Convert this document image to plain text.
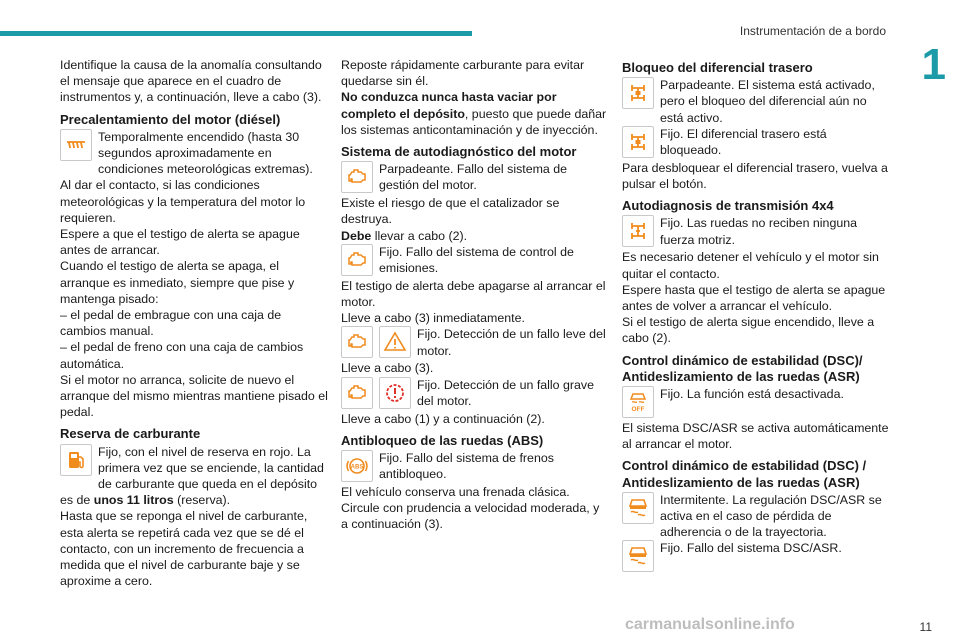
Instrumentación de a bordo
1

Identifique la causa de la anomalía consultando el mensaje que aparece en el cuadro de instrumentos y, a continuación, lleve a cabo (3).

Precalentamiento del motor (diésel)

Temporalmente encendido (hasta 30 segundos aproximadamente en condiciones meteorológicas extremas).

Al dar el contacto, si las condiciones meteorológicas y la temperatura del motor lo requieren.

Espere a que el testigo de alerta se apague antes de arrancar.

Cuando el testigo de alerta se apaga, el arranque es inmediato, siempre que pise y mantenga pisado:

– el pedal de embrague con una caja de cambios manual.

– el pedal de freno con una caja de cambios automática.

Si el motor no arranca, solicite de nuevo el arranque del mismo mientras mantiene pisado el pedal.

Reserva de carburante

Fijo, con el nivel de reserva en rojo. La primera vez que se enciende, la cantidad de carburante que queda en el depósito es de unos 11 litros (reserva).

Hasta que se reponga el nivel de carburante, esta alerta se repetirá cada vez que se dé el contacto, con un incremento de frecuencia a medida que el nivel de carburante baje y se aproxime a cero.

Reposte rápidamente carburante para evitar quedarse sin él.

No conduzca nunca hasta vaciar por completo el depósito, puesto que puede dañar los sistemas anticontaminación y de inyección.

Sistema de autodiagnóstico del motor

Parpadeante. Fallo del sistema de gestión del motor.

Existe el riesgo de que el catalizador se destruya.

Debe llevar a cabo (2).

Fijo. Fallo del sistema de control de emisiones.

El testigo de alerta debe apagarse al arrancar el motor.

Lleve a cabo (3) inmediatamente.

Fijo. Detección de un fallo leve del motor.

Lleve a cabo (3).

Fijo. Detección de un fallo grave del motor.

Lleve a cabo (1) y a continuación (2).

Antibloqueo de las ruedas (ABS)
ABS

Fijo. Fallo del sistema de frenos antibloqueo.

El vehículo conserva una frenada clásica.

Circule con prudencia a velocidad moderada, y a continuación (3).

Bloqueo del diferencial trasero

Parpadeante. El sistema está activado, pero el bloqueo del diferencial aún no está activo.

Fijo. El diferencial trasero está bloqueado.

Para desbloquear el diferencial trasero, vuelva a pulsar el botón.

Autodiagnosis de transmisión 4x4

Fijo. Las ruedas no reciben ninguna fuerza motriz.

Es necesario detener el vehículo y el motor sin quitar el contacto.

Espere hasta que el testigo de alerta se apague antes de volver a arrancar el vehículo.

Si el testigo de alerta sigue encendido, lleve a cabo (2).

Control dinámico de estabilidad (DSC)/ Antideslizamiento de las ruedas (ASR)
OFF

Fijo. La función está desactivada.

El sistema DSC/ASR se activa automáticamente al arrancar el motor.

Control dinámico de estabilidad (DSC) / Antideslizamiento de las ruedas (ASR)

Intermitente. La regulación DSC/ASR se activa en el caso de pérdida de adherencia o de la trayectoria.

Fijo. Fallo del sistema DSC/ASR.

carmanualsonline.info	11
